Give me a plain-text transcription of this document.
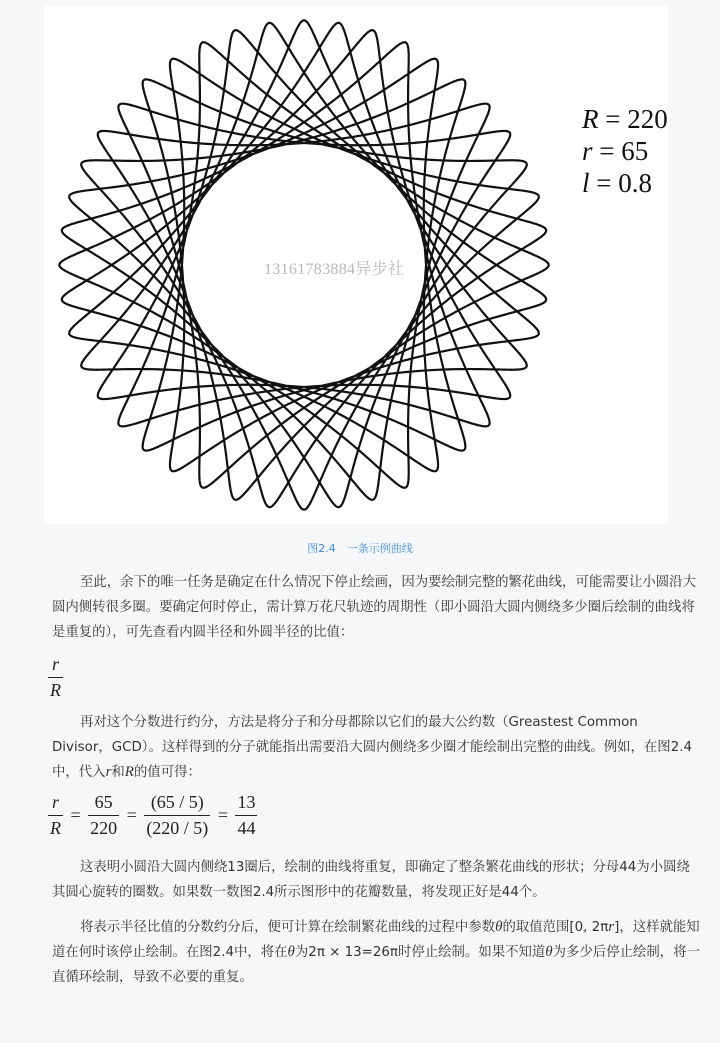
R = 220
r = 65
l = 0.8
13161783884异步社
图2.4　一条示例曲线
至此，余下的唯一任务是确定在什么情况下停止绘画，因为要绘制完整的繁花曲线，可能需要让小圆沿大圆内侧转很多圈。要确定何时停止，需计算万花尺轨迹的周期性（即小圆沿大圆内侧绕多少圈后绘制的曲线将是重复的），可先查看内圆半径和外圆半径的比值：
$\frac{r}{R}$
再对这个分数进行约分，方法是将分子和分母都除以它们的最大公约数（Greastest Common Divisor，GCD）。这样得到的分子就能指出需要沿大圆内侧绕多少圈才能绘制出完整的曲线。例如，在图2.4中，代入r和R的值可得：
$\frac{r}{R} = \frac{65}{220} = \frac{(65 / 5)}{(220 / 5)} = \frac{13}{44}$
这表明小圆沿大圆内侧绕13圈后，绘制的曲线将重复，即确定了整条繁花曲线的形状；分母44为小圆绕其圆心旋转的圈数。如果数一数图2.4所示图形中的花瓣数量，将发现正好是44个。
将表示半径比值的分数约分后，便可计算在绘制繁花曲线的过程中参数θ的取值范围[0, 2πr]，这样就能知道在何时该停止绘制。在图2.4中，将在θ为2π × 13=26π时停止绘制。如果不知道θ为多少后停止绘制，将一直循环绘制，导致不必要的重复。
